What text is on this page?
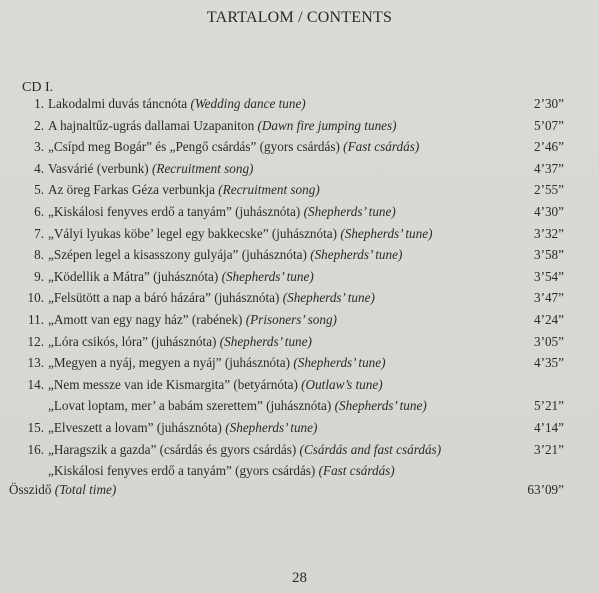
TARTALOM / CONTENTS
CD I.
1. Lakodalmi duvás táncnóta (Wedding dance tune)	2’30”
2. A hajnaltűz-ugrás dallamai Uzapaniton (Dawn fire jumping tunes)	5’07”
3. „Csípd meg Bogár” és „Pengő csárdás” (gyors csárdás) (Fast csárdás)	2’46”
4. Vasvárié (verbunk) (Recruitment song)	4’37”
5. Az öreg Farkas Géza verbunkja (Recruitment song)	2’55”
6. „Kiskálosi fenyves erdő a tanyám” (juhásznóta) (Shepherds’ tune)	4’30”
7. „Vályi lyukas köbe’ legel egy bakkecske” (juhásznóta) (Shepherds’ tune)	3’32”
8. „Szépen legel a kisasszony gulyája” (juhásznóta) (Shepherds’ tune)	3’58”
9. „Ködellik a Mátra” (juhásznóta) (Shepherds’ tune)	3’54”
10. „Felsütött a nap a báró házára” (juhásznóta) (Shepherds’ tune)	3’47”
11. „Amott van egy nagy ház” (rabének) (Prisoners’ song)	4’24”
12. „Lóra csikós, lóra” (juhásznóta) (Shepherds’ tune)	3’05”
13. „Megyen a nyáj, megyen a nyáj” (juhásznóta) (Shepherds’ tune)	4’35”
14. „Nem messze van ide Kismargita” (betyárnóta) (Outlaw’s tune)
„Lovat loptam, mer’ a babám szerettem” (juhásznóta) (Shepherds’ tune)	5’21”
15. „Elveszett a lovam” (juhásznóta) (Shepherds’ tune)	4’14”
16. „Haragszik a gazda” (csárdás és gyors csárdás) (Csárdás and fast csárdás)	3’21”
„Kiskálosi fenyves erdő a tanyám” (gyors csárdás) (Fast csárdás)
Összidő (Total time)	63’09”
28
